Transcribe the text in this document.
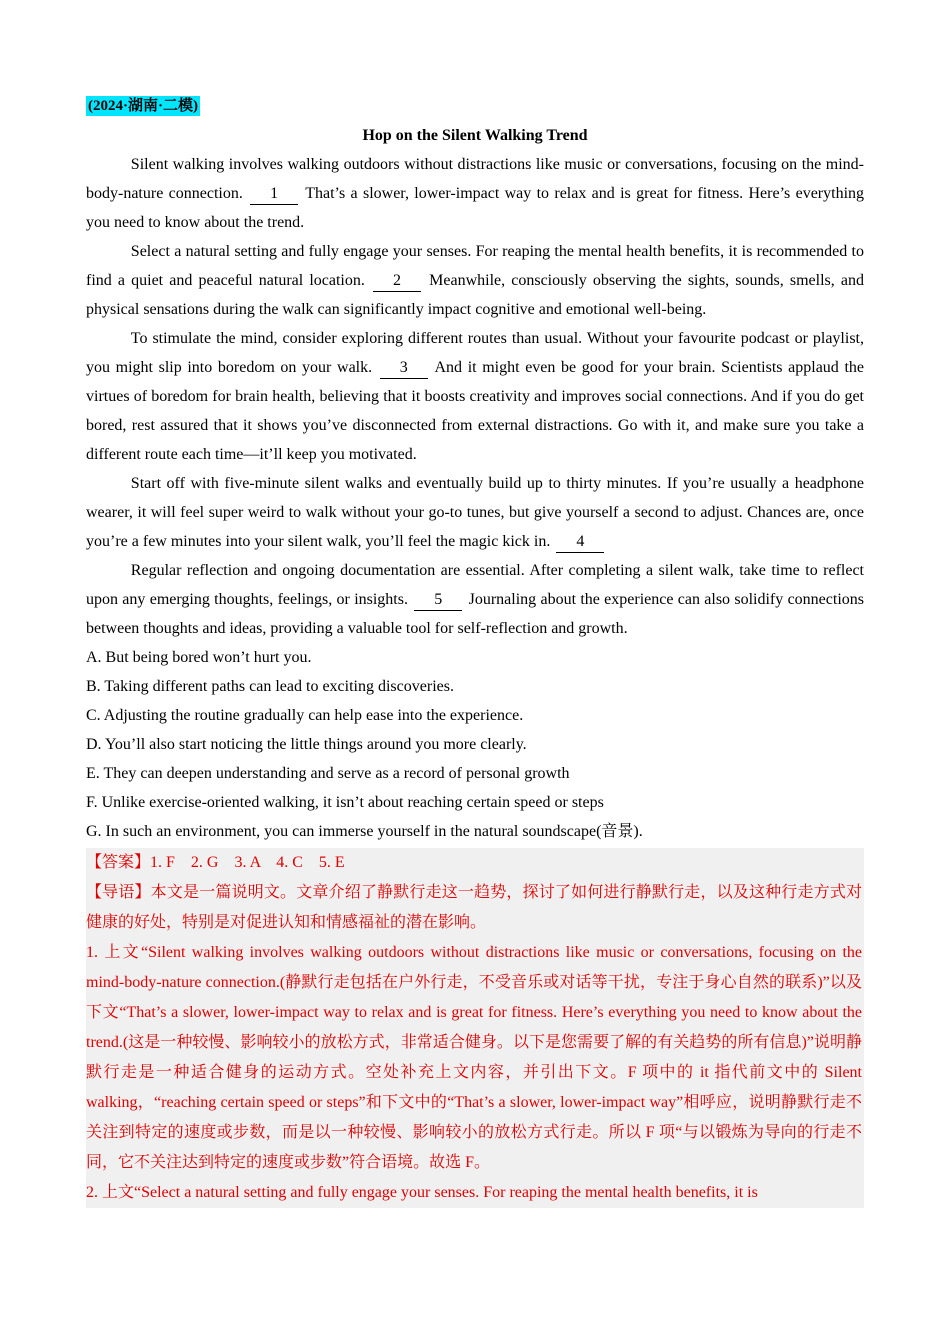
(2024·湖南·二模)

Hop on the Silent Walking Trend

Silent walking involves walking outdoors without distractions like music or conversations, focusing on the mind-body-nature connection. 1 That’s a slower, lower-impact way to relax and is great for fitness. Here’s everything you need to know about the trend.

Select a natural setting and fully engage your senses. For reaping the mental health benefits, it is recommended to find a quiet and peaceful natural location. 2 Meanwhile, consciously observing the sights, sounds, smells, and physical sensations during the walk can significantly impact cognitive and emotional well-being.

To stimulate the mind, consider exploring different routes than usual. Without your favourite podcast or playlist, you might slip into boredom on your walk. 3 And it might even be good for your brain. Scientists applaud the virtues of boredom for brain health, believing that it boosts creativity and improves social connections. And if you do get bored, rest assured that it shows you’ve disconnected from external distractions. Go with it, and make sure you take a different route each time—it’ll keep you motivated.

Start off with five-minute silent walks and eventually build up to thirty minutes. If you’re usually a headphone wearer, it will feel super weird to walk without your go-to tunes, but give yourself a second to adjust. Chances are, once you’re a few minutes into your silent walk, you’ll feel the magic kick in. 4

Regular reflection and ongoing documentation are essential. After completing a silent walk, take time to reflect upon any emerging thoughts, feelings, or insights. 5 Journaling about the experience can also solidify connections between thoughts and ideas, providing a valuable tool for self-reflection and growth.

A. But being bored won’t hurt you.

B. Taking different paths can lead to exciting discoveries.

C. Adjusting the routine gradually can help ease into the experience.

D. You’ll also start noticing the little things around you more clearly.

E. They can deepen understanding and serve as a record of personal growth

F. Unlike exercise-oriented walking, it isn’t about reaching certain speed or steps

G. In such an environment, you can immerse yourself in the natural soundscape(音景).

【答案】1. F　2. G　3. A　4. C　5. E

【导语】本文是一篇说明文。文章介绍了静默行走这一趋势，探讨了如何进行静默行走，以及这种行走方式对健康的好处，特别是对促进认知和情感福祉的潜在影响。

1. 上文“Silent walking involves walking outdoors without distractions like music or conversations, focusing on the mind-body-nature connection.(静默行走包括在户外行走，不受音乐或对话等干扰，专注于身心自然的联系)”以及下文“That’s a slower, lower-impact way to relax and is great for fitness. Here’s everything you need to know about the trend.(这是一种较慢、影响较小的放松方式，非常适合健身。以下是您需要了解的有关趋势的所有信息)”说明静默行走是一种适合健身的运动方式。空处补充上文内容，并引出下文。F 项中的 it 指代前文中的 Silent walking，“reaching certain speed or steps”和下文中的“That’s a slower, lower-impact way”相呼应，说明静默行走不关注到特定的速度或步数，而是以一种较慢、影响较小的放松方式行走。所以 F 项“与以锻炼为导向的行走不同，它不关注达到特定的速度或步数”符合语境。故选 F。

2. 上文“Select a natural setting and fully engage your senses. For reaping the mental health benefits, it is
